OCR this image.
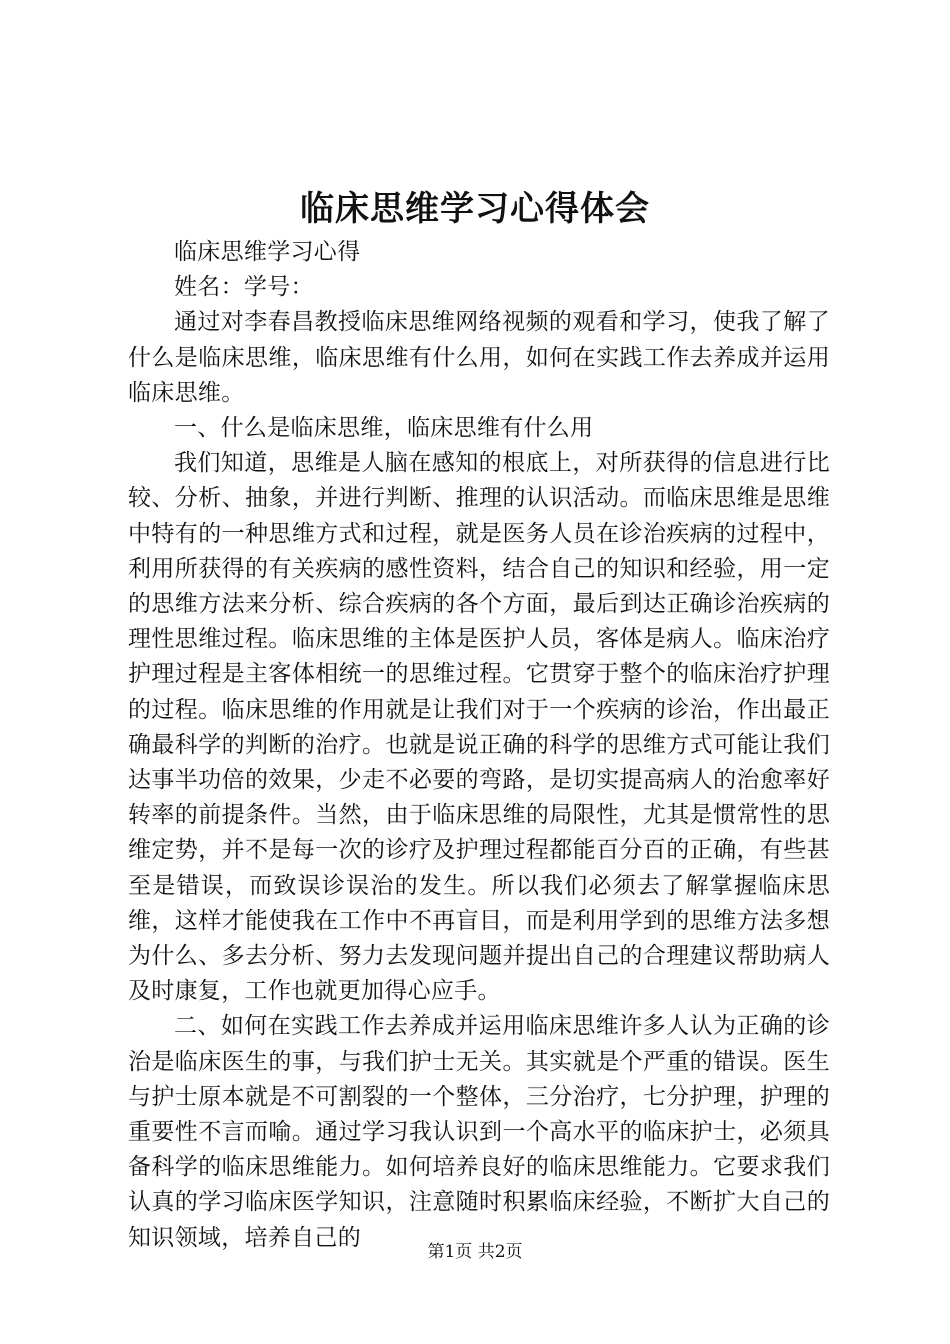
临床思维学习心得体会

临床思维学习心得

姓名：学号：

通过对李春昌教授临床思维网络视频的观看和学习，使我了解了什么是临床思维，临床思维有什么用，如何在实践工作去养成并运用临床思维。

一、什么是临床思维，临床思维有什么用

我们知道，思维是人脑在感知的根底上，对所获得的信息进行比较、分析、抽象，并进行判断、推理的认识活动。而临床思维是思维中特有的一种思维方式和过程，就是医务人员在诊治疾病的过程中，利用所获得的有关疾病的感性资料，结合自己的知识和经验，用一定的思维方法来分析、综合疾病的各个方面，最后到达正确诊治疾病的理性思维过程。临床思维的主体是医护人员，客体是病人。临床治疗护理过程是主客体相统一的思维过程。它贯穿于整个的临床治疗护理的过程。临床思维的作用就是让我们对于一个疾病的诊治，作出最正确最科学的判断的治疗。也就是说正确的科学的思维方式可能让我们达事半功倍的效果，少走不必要的弯路，是切实提高病人的治愈率好转率的前提条件。当然，由于临床思维的局限性，尤其是惯常性的思维定势，并不是每一次的诊疗及护理过程都能百分百的正确，有些甚至是错误，而致误诊误治的发生。所以我们必须去了解掌握临床思维，这样才能使我在工作中不再盲目，而是利用学到的思维方法多想为什么、多去分析、努力去发现问题并提出自己的合理建议帮助病人及时康复，工作也就更加得心应手。

二、如何在实践工作去养成并运用临床思维许多人认为正确的诊治是临床医生的事，与我们护士无关。其实就是个严重的错误。医生与护士原本就是不可割裂的一个整体，三分治疗，七分护理，护理的重要性不言而喻。通过学习我认识到一个高水平的临床护士，必须具备科学的临床思维能力。如何培养良好的临床思维能力。它要求我们认真的学习临床医学知识，注意随时积累临床经验，不断扩大自己的知识领域，培养自己的

第1页 共2页
